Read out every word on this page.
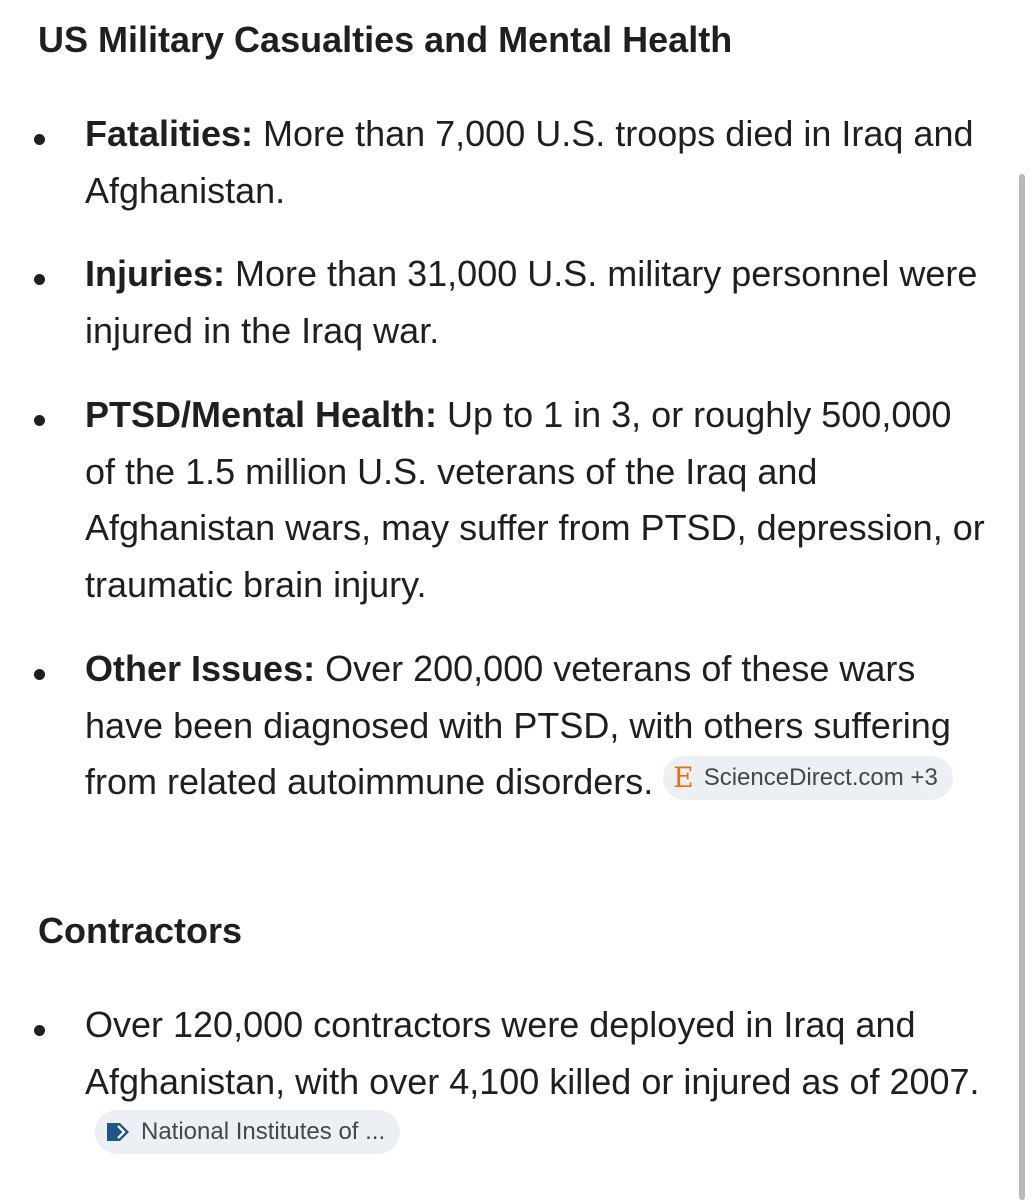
US Military Casualties and Mental Health
Fatalities: More than 7,000 U.S. troops died in Iraq and Afghanistan.
Injuries: More than 31,000 U.S. military personnel were injured in the Iraq war.
PTSD/Mental Health: Up to 1 in 3, or roughly 500,000 of the 1.5 million U.S. veterans of the Iraq and Afghanistan wars, may suffer from PTSD, depression, or traumatic brain injury.
Other Issues: Over 200,000 veterans of these wars have been diagnosed with PTSD, with others suffering from related autoimmune disorders. E ScienceDirect.com +3
Contractors
Over 120,000 contractors were deployed in Iraq and Afghanistan, with over 4,100 killed or injured as of 2007.
National Institutes of ...
